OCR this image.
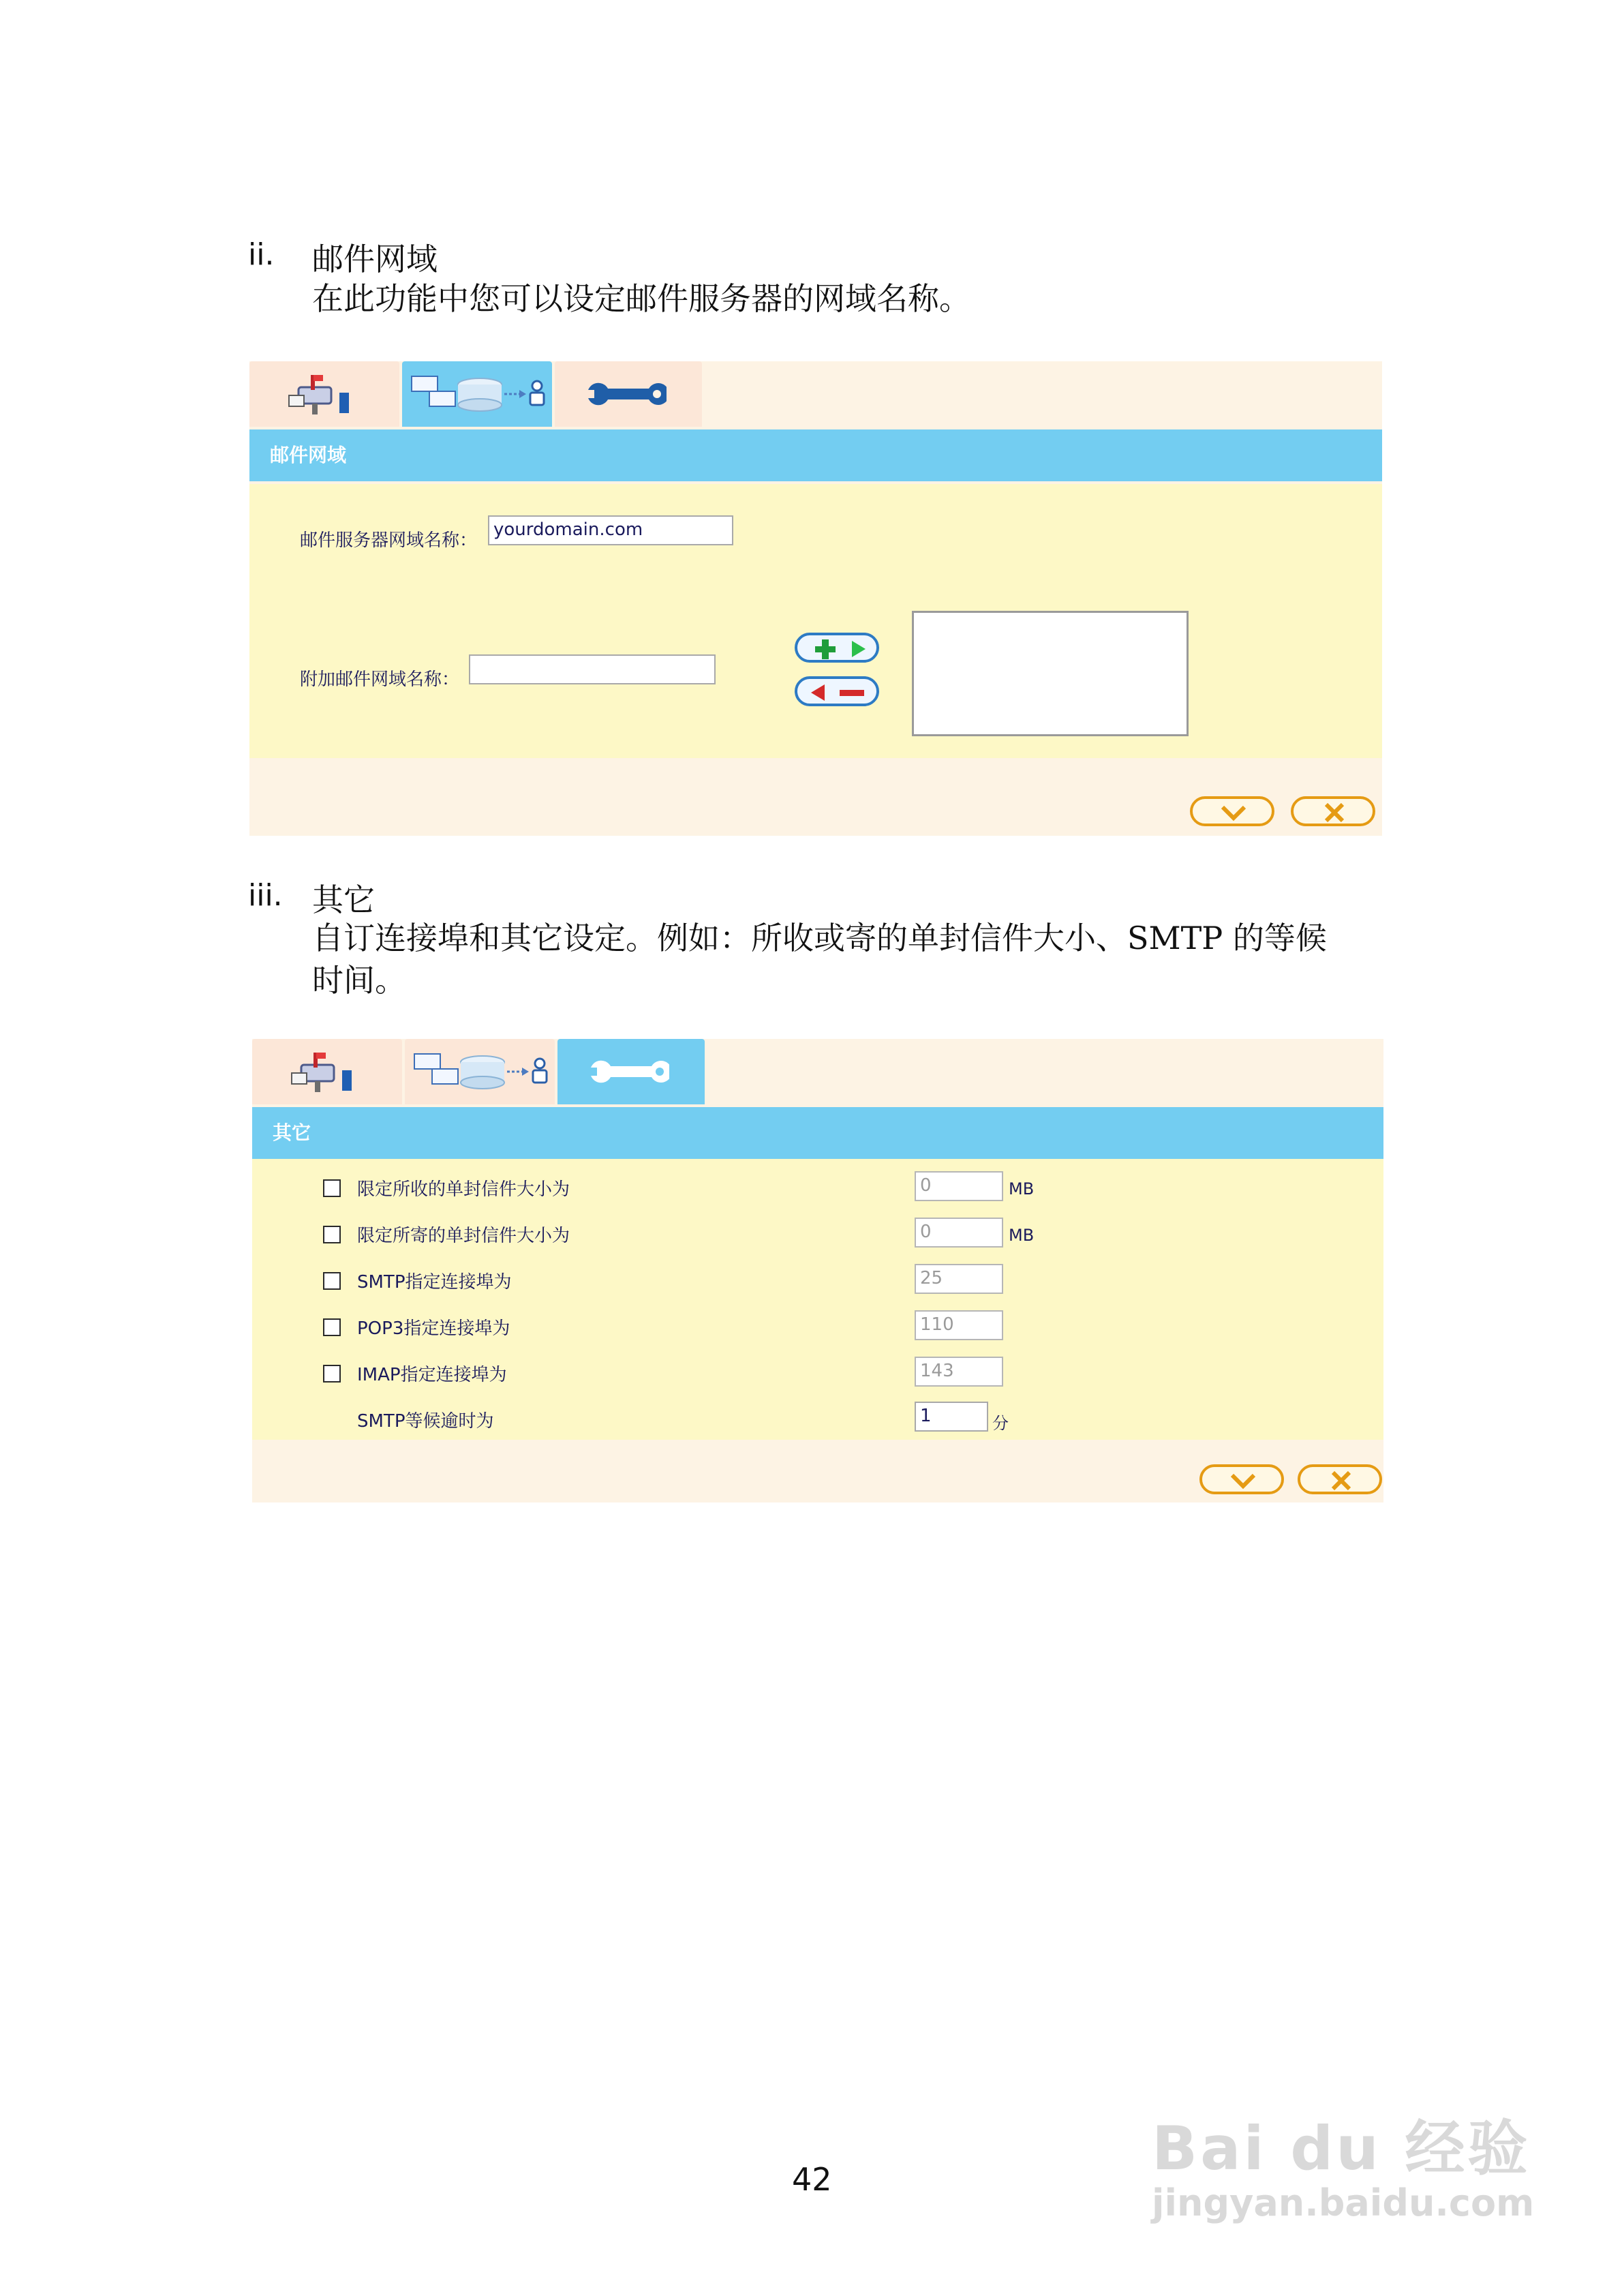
ii. 邮件网域
在此功能中您可以设定邮件服务器的网域名称。
邮件网域
邮件服务器网域名称：
yourdomain.com
附加邮件网域名称：
iii. 其它
自订连接埠和其它设定。例如：所收或寄的单封信件大小、SMTP 的等候
时间。
其它
限定所收的单封信件大小为	0	MB
限定所寄的单封信件大小为	0	MB
SMTP指定连接埠为	25
POP3指定连接埠为	110
IMAP指定连接埠为	143
SMTP等候逾时为	1	分
42	Bai du 经验
jingyan.baidu.com
